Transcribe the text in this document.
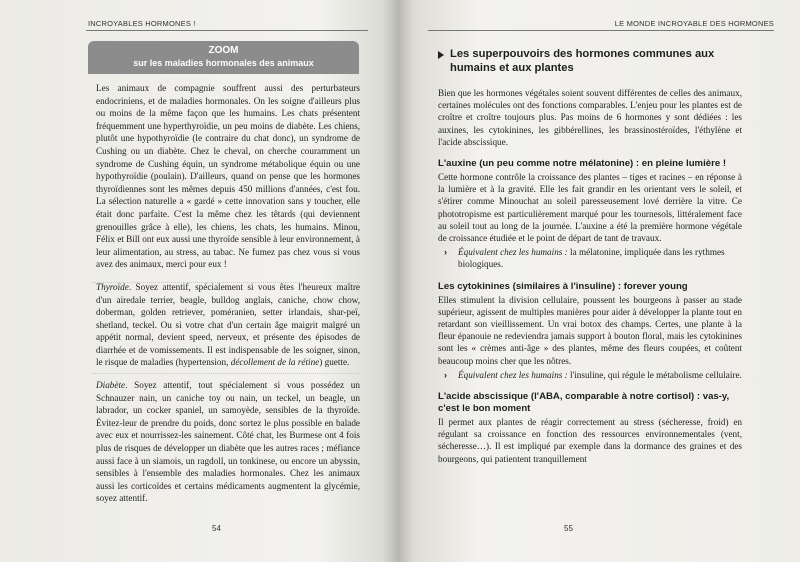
INCROYABLES HORMONES !
ZOOM
sur les maladies hormonales des animaux

Les animaux de compagnie souffrent aussi des perturbateurs endocriniens, et de maladies hormonales. On les soigne d'ailleurs plus ou moins de la même façon que les humains. Les chats présentent fréquemment une hyperthyroïdie, un peu moins de diabète. Les chiens, plutôt une hypothyroïdie (le contraire du chat donc), un syndrome de Cushing ou un diabète. Chez le cheval, on cherche couramment un syndrome de Cushing équin, un syndrome métabolique équin ou une hypothyroïdie (poulain). D'ailleurs, quand on pense que les hormones thyroïdiennes sont les mêmes depuis 450 millions d'années, c'est fou. La sélection naturelle a « gardé » cette innovation sans y toucher, elle était donc parfaite. C'est la même chez les têtards (qui deviennent grenouilles grâce à elle), les chiens, les chats, les humains. Minou, Félix et Bill ont eux aussi une thyroïde sensible à leur environnement, à leur alimentation, au stress, au tabac. Ne fumez pas chez vous si vous avez des animaux, merci pour eux !

Thyroïde. Soyez attentif, spécialement si vous êtes l'heureux maître d'un airedale terrier, beagle, bulldog anglais, caniche, chow chow, doberman, golden retriever, poméranien, setter irlandais, shar-peï, shetland, teckel. Ou si votre chat d'un certain âge maigrit malgré un appétit normal, devient speed, nerveux, et présente des épisodes de diarrhée et de vomissements. Il est indispensable de les soigner, sinon, le risque de maladies (hypertension, décollement de la rétine) guette.

Diabète. Soyez attentif, tout spécialement si vous possédez un Schnauzer nain, un caniche toy ou nain, un teckel, un beagle, un labrador, un cocker spaniel, un samoyède, sensibles de la thyroïde. Évitez-leur de prendre du poids, donc sortez le plus possible en balade avec eux et nourrissez-les sainement. Côté chat, les Burmese ont 4 fois plus de risques de développer un diabète que les autres races ; méfiance aussi face à un siamois, un ragdoll, un tonkinese, ou encore un abyssin, sensibles à l'ensemble des maladies hormonales. Chez les animaux aussi les corticoïdes et certains médicaments augmentent la glycémie, soyez attentif.

54
LE MONDE INCROYABLE DES HORMONES
Les superpouvoirs des hormones communes aux humains et aux plantes

Bien que les hormones végétales soient souvent différentes de celles des animaux, certaines molécules ont des fonctions comparables. L'enjeu pour les plantes est de croître et croître toujours plus. Pas moins de 6 hormones y sont dédiées : les auxines, les cytokinines, les gibbérellines, les brassinostéroïdes, l'éthylène et l'acide abscissique.

L'auxine (un peu comme notre mélatonine) : en pleine lumière !

Cette hormone contrôle la croissance des plantes – tiges et racines – en réponse à la lumière et à la gravité. Elle les fait grandir en les orientant vers le soleil, et s'étirer comme Minouchat au soleil paresseusement lové derrière la vitre. Ce phototropisme est particulièrement marqué pour les tournesols, littéralement face au soleil tout au long de la journée. L'auxine a été la première hormone végétale de croissance étudiée et le point de départ de tant de travaux.

› Équivalent chez les humains : la mélatonine, impliquée dans les rythmes biologiques.
Les cytokinines (similaires à l'insuline) : forever young

Elles stimulent la division cellulaire, poussent les bourgeons à passer au stade supérieur, agissent de multiples manières pour aider à développer la plante tout en retardant son vieillissement. Un vrai botox des champs. Certes, une plante à la fleur épanouie ne redeviendra jamais support à bouton floral, mais les cytokinines sont les « crèmes anti-âge » des plantes, même des fleurs coupées, et coûtent beaucoup moins cher que les nôtres.

› Équivalent chez les humains : l'insuline, qui régule le métabolisme cellulaire.
L'acide abscissique (l'ABA, comparable à notre cortisol) : vas-y, c'est le bon moment

Il permet aux plantes de réagir correctement au stress (sécheresse, froid) en régulant sa croissance en fonction des ressources environnementales (vent, sécheresse…). Il est impliqué par exemple dans la dormance des graines et des bourgeons, qui patientent tranquillement

55
